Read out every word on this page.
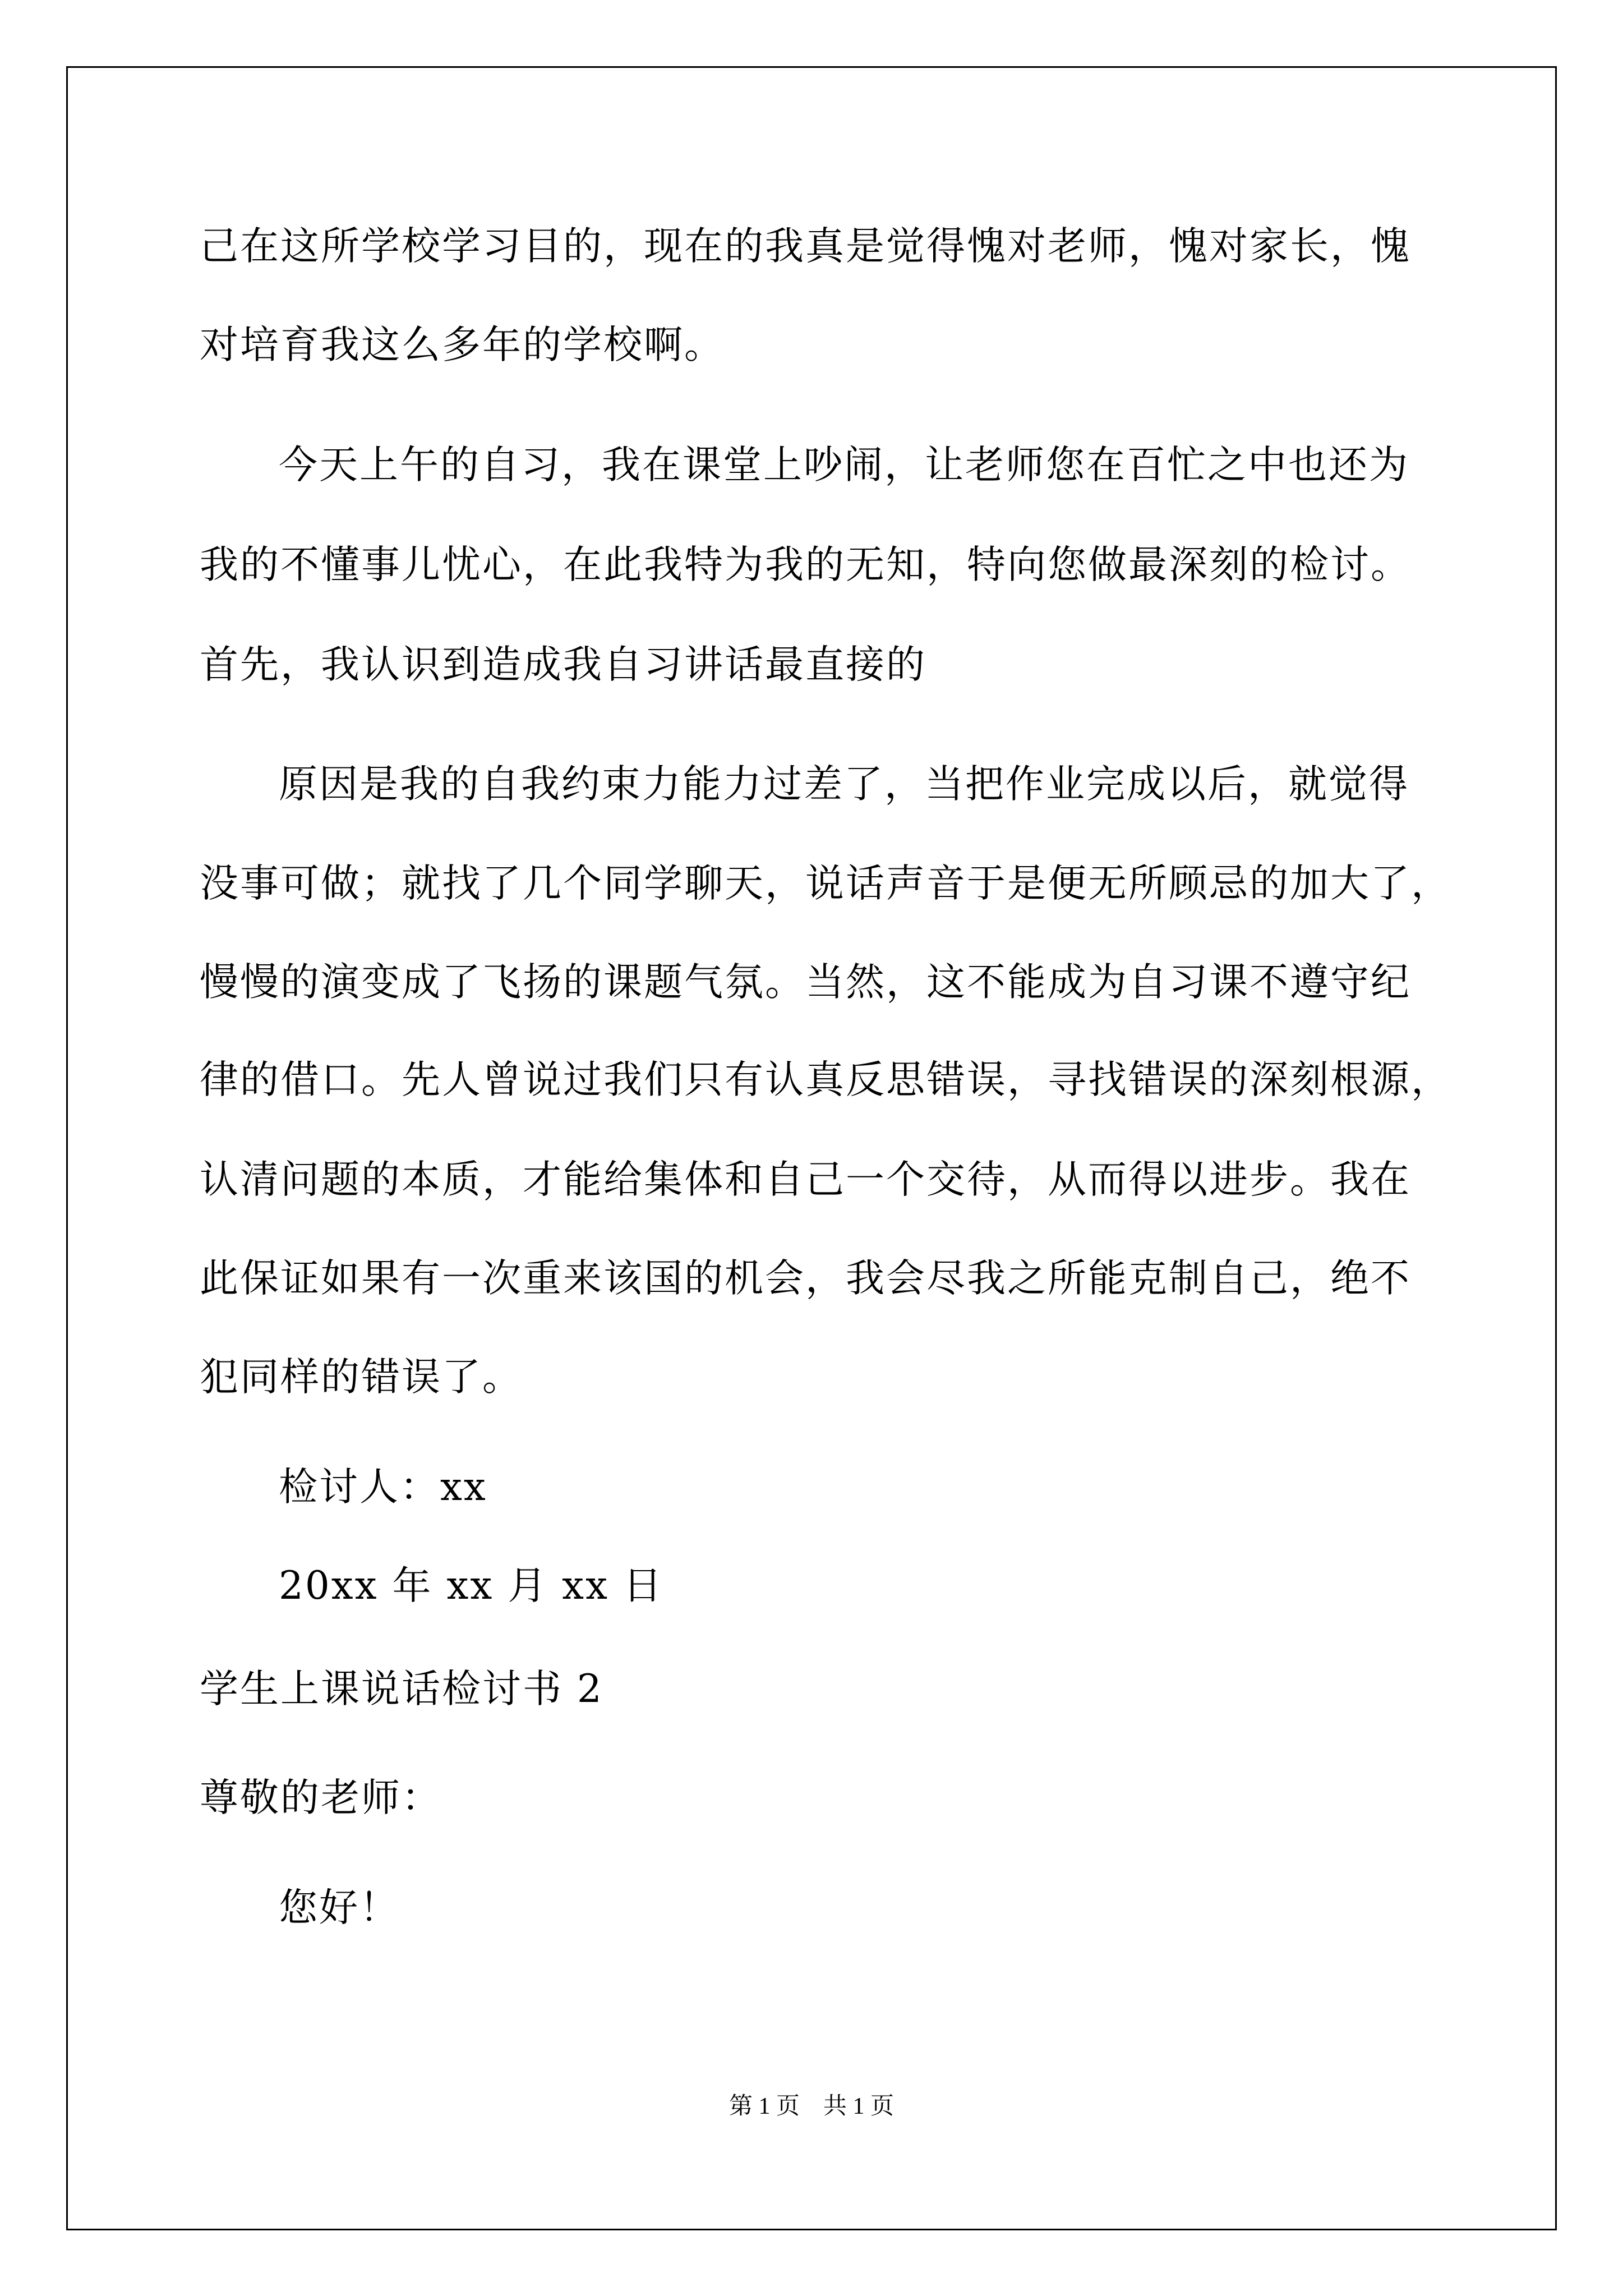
己在这所学校学习目的，现在的我真是觉得愧对老师，愧对家长，愧
对培育我这么多年的学校啊。
今天上午的自习，我在课堂上吵闹，让老师您在百忙之中也还为
我的不懂事儿忧心，在此我特为我的无知，特向您做最深刻的检讨。
首先，我认识到造成我自习讲话最直接的
原因是我的自我约束力能力过差了，当把作业完成以后，就觉得
没事可做；就找了几个同学聊天，说话声音于是便无所顾忌的加大了，
慢慢的演变成了飞扬的课题气氛。当然，这不能成为自习课不遵守纪
律的借口。先人曾说过我们只有认真反思错误，寻找错误的深刻根源，
认清问题的本质，才能给集体和自己一个交待，从而得以进步。我在
此保证如果有一次重来该国的机会，我会尽我之所能克制自己，绝不
犯同样的错误了。
检讨人：xx
20xx 年 xx 月 xx 日
学生上课说话检讨书 2
尊敬的老师：
您好！
第 1 页    共 1 页
